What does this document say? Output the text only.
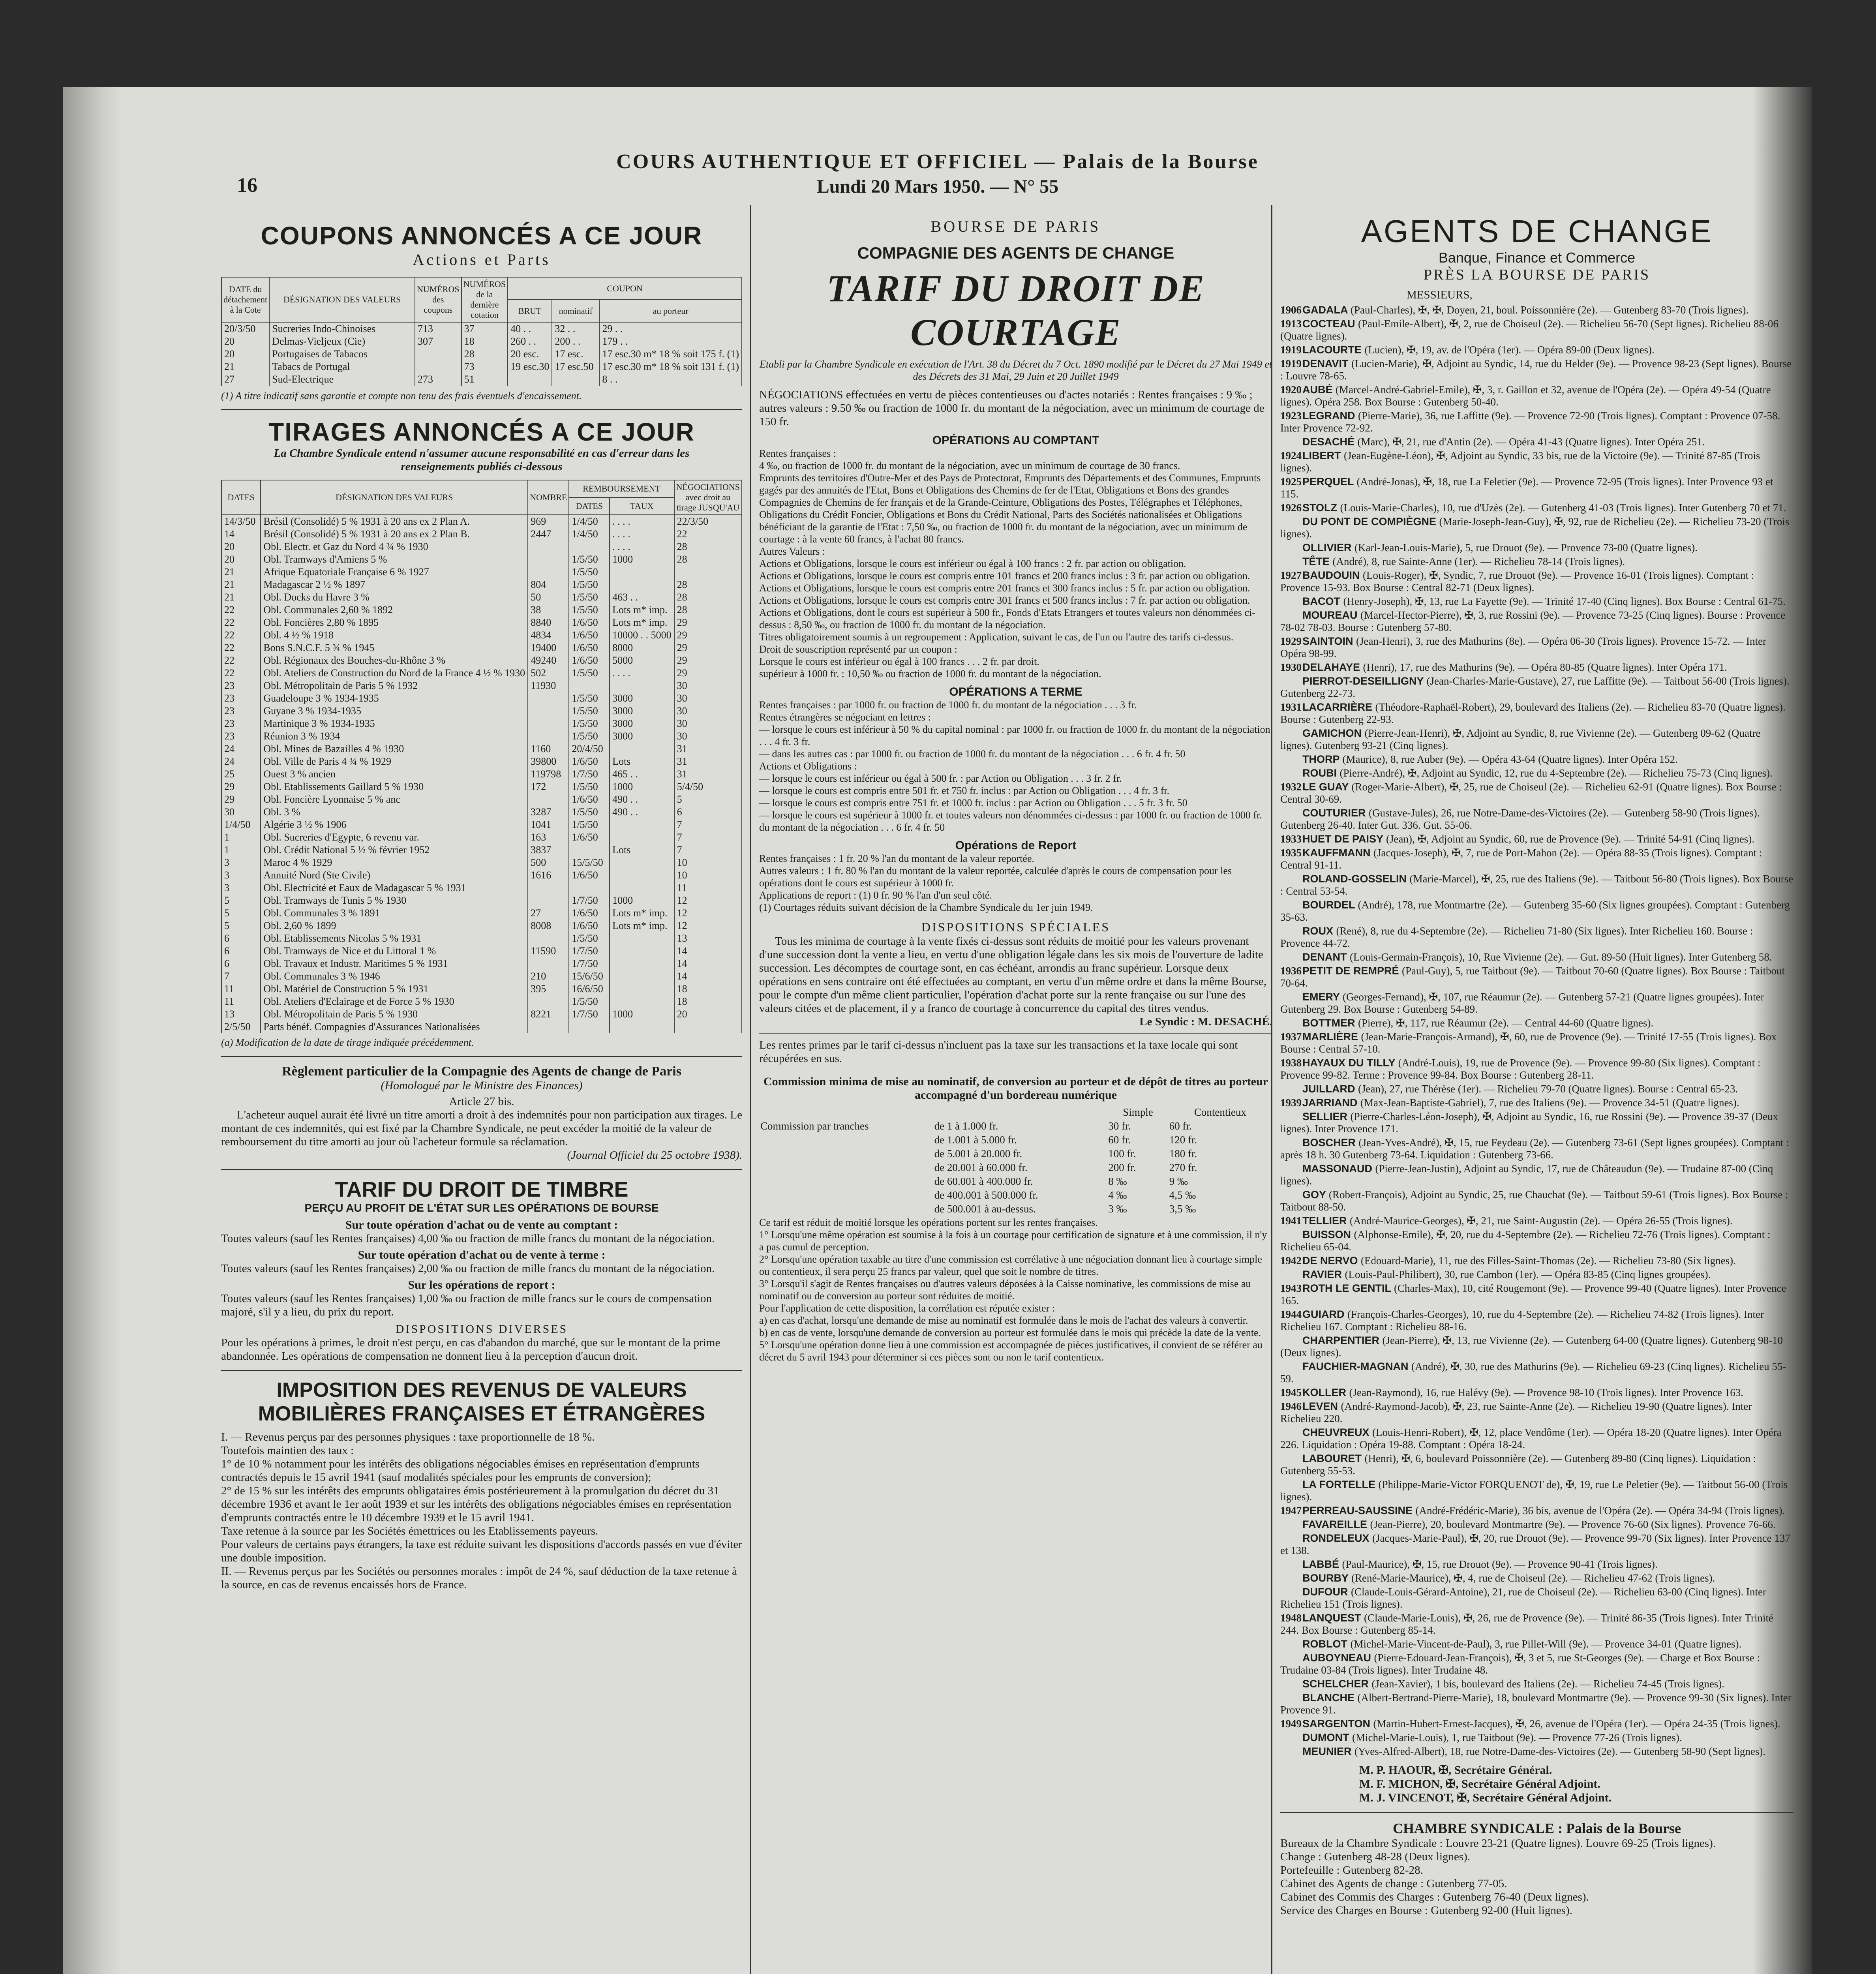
16
COURS AUTHENTIQUE ET OFFICIEL — Palais de la Bourse
Lundi 20 Mars 1950. — N° 55
COUPONS ANNONCÉS A CE JOUR
Actions et Parts
DATE du détachement à la Cote	DÉSIGNATION DES VALEURS	NUMÉROS des coupons	NUMÉROS de la dernière cotation	COUPON		
				BRUT	nominatif	au porteur
20/3/50	Sucreries Indo-Chinoises	713	37	40 . .	32 . .	29 . .
20	Delmas-Vieljeux (Cie)	307	18	260 . .	200 . .	179 . .
20	Portugaises de Tabacos		28	20 esc.	17 esc.	17 esc.30 m* 18 % soit 175 f. (1)
21	Tabacs de Portugal		73	19 esc.30	17 esc.50	17 esc.30 m* 18 % soit 131 f. (1)
27	Sud-Electrique	273	51			8 . .
(1) A titre indicatif sans garantie et compte non tenu des frais éventuels d'encaissement.
TIRAGES ANNONCÉS A CE JOUR
La Chambre Syndicale entend n'assumer aucune responsabilité en cas d'erreur dans les renseignements publiés ci-dessous
DATES	DÉSIGNATION DES VALEURS	NOMBRE	REMBOURSEMENT		NÉGOCIATIONS avec droit au tirage JUSQU'AU
			DATES	TAUX	
14/3/50	Brésil (Consolidé) 5 % 1931 à 20 ans ex 2 Plan A.	969	1/4/50	. . . .	22/3/50
14	Brésil (Consolidé) 5 % 1931 à 20 ans ex 2 Plan B.	2447	1/4/50	. . . .	22
20	Obl. Electr. et Gaz du Nord 4 ¾ % 1930			. . . .	28
20	Obl. Tramways d'Amiens 5 %		1/5/50	1000	28
21	Afrique Equatoriale Française 6 % 1927		1/5/50		
21	Madagascar 2 ½ % 1897	804	1/5/50		28
21	Obl. Docks du Havre 3 %	50	1/5/50	463 . .	28
22	Obl. Communales 2,60 % 1892	38	1/5/50	Lots m* imp.	28
22	Obl. Foncières 2,80 % 1895	8840	1/6/50	Lots m* imp.	29
22	Obl. 4 ½ % 1918	4834	1/6/50	10000 . . 5000	29
22	Bons S.N.C.F. 5 ¾ % 1945	19400	1/6/50	8000	29
22	Obl. Régionaux des Bouches-du-Rhône 3 %	49240	1/6/50	5000	29
22	Obl. Ateliers de Construction du Nord de la France 4 ½ % 1930	502	1/5/50	. . . .	29
23	Obl. Métropolitain de Paris 5 % 1932	11930			30
23	Guadeloupe 3 % 1934-1935		1/5/50	3000	30
23	Guyane 3 % 1934-1935		1/5/50	3000	30
23	Martinique 3 % 1934-1935		1/5/50	3000	30
23	Réunion 3 % 1934		1/5/50	3000	30
24	Obl. Mines de Bazailles 4 % 1930	1160	20/4/50		31
24	Obl. Ville de Paris 4 ¾ % 1929	39800	1/6/50	Lots	31
25	Ouest 3 % ancien	119798	1/7/50	465 . .	31
29	Obl. Etablissements Gaillard 5 % 1930	172	1/5/50	1000	5/4/50
29	Obl. Foncière Lyonnaise 5 % anc		1/6/50	490 . .	5
30	Obl. 3 %	3287	1/5/50	490 . .	6
1/4/50	Algérie 3 ½ % 1906	1041	1/5/50		7
1	Obl. Sucreries d'Egypte, 6 revenu var.	163	1/6/50		7
1	Obl. Crédit National 5 ½ % février 1952	3837		Lots	7
3	Maroc 4 % 1929	500	15/5/50		10
3	Annuité Nord (Ste Civile)	1616	1/6/50		10
3	Obl. Electricité et Eaux de Madagascar 5 % 1931				11
5	Obl. Tramways de Tunis 5 % 1930		1/7/50	1000	12
5	Obl. Communales 3 % 1891	27	1/6/50	Lots m* imp.	12
5	Obl. 2,60 % 1899	8008	1/6/50	Lots m* imp.	12
6	Obl. Etablissements Nicolas 5 % 1931		1/5/50		13
6	Obl. Tramways de Nice et du Littoral 1 %	11590	1/7/50		14
6	Obl. Travaux et Industr. Maritimes 5 % 1931		1/7/50		14
7	Obl. Communales 3 % 1946	210	15/6/50		14
11	Obl. Matériel de Construction 5 % 1931	395	16/6/50		18
11	Obl. Ateliers d'Eclairage et de Force 5 % 1930		1/5/50		18
13	Obl. Métropolitain de Paris 5 % 1930	8221	1/7/50	1000	20
2/5/50	Parts bénéf. Compagnies d'Assurances Nationalisées				
(a) Modification de la date de tirage indiquée précédemment.
Règlement particulier de la Compagnie des Agents de change de Paris
(Homologué par le Ministre des Finances)
Article 27 bis.
L'acheteur auquel aurait été livré un titre amorti a droit à des indemnités pour non participation aux tirages. Le montant de ces indemnités, qui est fixé par la Chambre Syndicale, ne peut excéder la moitié de la valeur de remboursement du titre amorti au jour où l'acheteur formule sa réclamation.
(Journal Officiel du 25 octobre 1938).
TARIF DU DROIT DE TIMBRE
PERÇU AU PROFIT DE L'ÉTAT SUR LES OPÉRATIONS DE BOURSE
Sur toute opération d'achat ou de vente au comptant :
Toutes valeurs (sauf les Rentes françaises) 4,00 ‰ ou fraction de mille francs du montant de la négociation.
Sur toute opération d'achat ou de vente à terme :
Toutes valeurs (sauf les Rentes françaises) 2,00 ‰ ou fraction de mille francs du montant de la négociation.
Sur les opérations de report :
Toutes valeurs (sauf les Rentes françaises) 1,00 ‰ ou fraction de mille francs sur le cours de compensation majoré, s'il y a lieu, du prix du report.
DISPOSITIONS DIVERSES
Pour les opérations à primes, le droit n'est perçu, en cas d'abandon du marché, que sur le montant de la prime abandonnée. Les opérations de compensation ne donnent lieu à la perception d'aucun droit.
IMPOSITION DES REVENUS DE VALEURS MOBILIÈRES FRANÇAISES ET ÉTRANGÈRES
I. — Revenus perçus par des personnes physiques : taxe proportionnelle de 18 %.
Toutefois maintien des taux :
1° de 10 % notamment pour les intérêts des obligations négociables émises en représentation d'emprunts contractés depuis le 15 avril 1941 (sauf modalités spéciales pour les emprunts de conversion);
2° de 15 % sur les intérêts des emprunts obligataires émis postérieurement à la promulgation du décret du 31 décembre 1936 et avant le 1er août 1939 et sur les intérêts des obligations négociables émises en représentation d'emprunts contractés entre le 10 décembre 1939 et le 15 avril 1941.
Taxe retenue à la source par les Sociétés émettrices ou les Etablissements payeurs.
Pour valeurs de certains pays étrangers, la taxe est réduite suivant les dispositions d'accords passés en vue d'éviter une double imposition.
II. — Revenus perçus par les Sociétés ou personnes morales : impôt de 24 %, sauf déduction de la taxe retenue à la source, en cas de revenus encaissés hors de France.
BOURSE DE PARIS
COMPAGNIE DES AGENTS DE CHANGE
TARIF DU DROIT DE COURTAGE
Etabli par la Chambre Syndicale en exécution de l'Art. 38 du Décret du 7 Oct. 1890 modifié par le Décret du 27 Mai 1949 et des Décrets des 31 Mai, 29 Juin et 20 Juillet 1949
NÉGOCIATIONS effectuées en vertu de pièces contentieuses ou d'actes notariés : Rentes françaises : 9 ‰ ; autres valeurs : 9.50 ‰ ou fraction de 1000 fr. du montant de la négociation, avec un minimum de courtage de 150 fr.
OPÉRATIONS AU COMPTANT
Rentes françaises :
4 ‰, ou fraction de 1000 fr. du montant de la négociation, avec un minimum de courtage de 30 francs.
Emprunts des territoires d'Outre-Mer et des Pays de Protectorat, Emprunts des Départements et des Communes, Emprunts gagés par des annuités de l'Etat, Bons et Obligations des Chemins de fer de l'Etat, Obligations et Bons des grandes Compagnies de Chemins de fer français et de la Grande-Ceinture, Obligations des Postes, Télégraphes et Téléphones, Obligations du Crédit Foncier, Obligations et Bons du Crédit National, Parts des Sociétés nationalisées et Obligations bénéficiant de la garantie de l'Etat : 7,50 ‰, ou fraction de 1000 fr. du montant de la négociation, avec un minimum de courtage : à la vente 60 francs, à l'achat 80 francs.
Autres Valeurs :
Actions et Obligations, lorsque le cours est inférieur ou égal à 100 francs : 2 fr. par action ou obligation.
Actions et Obligations, lorsque le cours est compris entre 101 francs et 200 francs inclus : 3 fr. par action ou obligation.
Actions et Obligations, lorsque le cours est compris entre 201 francs et 300 francs inclus : 5 fr. par action ou obligation.
Actions et Obligations, lorsque le cours est compris entre 301 francs et 500 francs inclus : 7 fr. par action ou obligation.
Actions et Obligations, dont le cours est supérieur à 500 fr., Fonds d'Etats Etrangers et toutes valeurs non dénommées ci-dessus : 8,50 ‰, ou fraction de 1000 fr. du montant de la négociation.
Titres obligatoirement soumis à un regroupement : Application, suivant le cas, de l'un ou l'autre des tarifs ci-dessus.
Droit de souscription représenté par un coupon :
Lorsque le cours est inférieur ou égal à 100 francs . . . 2 fr. par droit.
supérieur à 1000 fr. : 10,50 ‰ ou fraction de 1000 fr. du montant de la négociation.
OPÉRATIONS A TERME
Rentes françaises : par 1000 fr. ou fraction de 1000 fr. du montant de la négociation . . . 3 fr.
Rentes étrangères se négociant en lettres :
— lorsque le cours est inférieur à 50 % du capital nominal : par 1000 fr. ou fraction de 1000 fr. du montant de la négociation . . . 4 fr. 3 fr.
— dans les autres cas : par 1000 fr. ou fraction de 1000 fr. du montant de la négociation . . . 6 fr. 4 fr. 50
Actions et Obligations :
— lorsque le cours est inférieur ou égal à 500 fr. : par Action ou Obligation . . . 3 fr. 2 fr.
— lorsque le cours est compris entre 501 fr. et 750 fr. inclus : par Action ou Obligation . . . 4 fr. 3 fr.
— lorsque le cours est compris entre 751 fr. et 1000 fr. inclus : par Action ou Obligation . . . 5 fr. 3 fr. 50
— lorsque le cours est supérieur à 1000 fr. et toutes valeurs non dénommées ci-dessus : par 1000 fr. ou fraction de 1000 fr. du montant de la négociation . . . 6 fr. 4 fr. 50
Opérations de Report
Rentes françaises : 1 fr. 20 % l'an du montant de la valeur reportée.
Autres valeurs : 1 fr. 80 % l'an du montant de la valeur reportée, calculée d'après le cours de compensation pour les opérations dont le cours est supérieur à 1000 fr.
Applications de report : (1) 0 fr. 90 % l'an d'un seul côté.
(1) Courtages réduits suivant décision de la Chambre Syndicale du 1er juin 1949.
DISPOSITIONS SPÉCIALES
Tous les minima de courtage à la vente fixés ci-dessus sont réduits de moitié pour les valeurs provenant d'une succession dont la vente a lieu, en vertu d'une obligation légale dans les six mois de l'ouverture de ladite succession. Les décomptes de courtage sont, en cas échéant, arrondis au franc supérieur. Lorsque deux opérations en sens contraire ont été effectuées au comptant, en vertu d'un même ordre et dans la même Bourse, pour le compte d'un même client particulier, l'opération d'achat porte sur la rente française ou sur l'une des valeurs citées et de placement, il y a franco de courtage à concurrence du capital des titres vendus.
Le Syndic : M. DESACHÉ.
Les rentes primes par le tarif ci-dessus n'incluent pas la taxe sur les transactions et la taxe locale qui sont récupérées en sus.
Commission minima de mise au nominatif, de conversion au porteur et de dépôt de titres au porteur accompagné d'un bordereau numérique
		Simple	Contentieux
Commission par tranches	de 1 à 1.000 fr.	30 fr.	60 fr.
	de 1.001 à 5.000 fr.	60 fr.	120 fr.
	de 5.001 à 20.000 fr.	100 fr.	180 fr.
	de 20.001 à 60.000 fr.	200 fr.	270 fr.
	de 60.001 à 400.000 fr.	8 ‰	9 ‰
	de 400.001 à 500.000 fr.	4 ‰	4,5 ‰
	de 500.001 à au-dessus.	3 ‰	3,5 ‰
Ce tarif est réduit de moitié lorsque les opérations portent sur les rentes françaises.
1° Lorsqu'une même opération est soumise à la fois à un courtage pour certification de signature et à une commission, il n'y a pas cumul de perception.
2° Lorsqu'une opération taxable au titre d'une commission est corrélative à une négociation donnant lieu à courtage simple ou contentieux, il sera perçu 25 francs par valeur, quel que soit le nombre de titres.
3° Lorsqu'il s'agit de Rentes françaises ou d'autres valeurs déposées à la Caisse nominative, les commissions de mise au nominatif ou de conversion au porteur sont réduites de moitié.
Pour l'application de cette disposition, la corrélation est réputée exister :
a) en cas d'achat, lorsqu'une demande de mise au nominatif est formulée dans le mois de l'achat des valeurs à convertir.
b) en cas de vente, lorsqu'une demande de conversion au porteur est formulée dans le mois qui précède la date de la vente.
5° Lorsqu'une opération donne lieu à une commission est accompagnée de pièces justificatives, il convient de se référer au décret du 5 avril 1943 pour déterminer si ces pièces sont ou non le tarif contentieux.
AGENTS DE CHANGE
Banque, Finance et Commerce
PRÈS LA BOURSE DE PARIS
MESSIEURS,
1906GADALA (Paul-Charles), ✠, ✠, Doyen, 21, boul. Poissonnière (2e). — Gutenberg 83-70 (Trois lignes).
1913COCTEAU (Paul-Emile-Albert), ✠, 2, rue de Choiseul (2e). — Richelieu 56-70 (Sept lignes). Richelieu 88-06 (Quatre lignes).
1919LACOURTE (Lucien), ✠, 19, av. de l'Opéra (1er). — Opéra 89-00 (Deux lignes).
1919DENAVIT (Lucien-Marie), ✠, Adjoint au Syndic, 14, rue du Helder (9e). — Provence 98-23 (Sept lignes). Bourse : Louvre 78-65.
1920AUBÉ (Marcel-André-Gabriel-Emile), ✠, 3, r. Gaillon et 32, avenue de l'Opéra (2e). — Opéra 49-54 (Quatre lignes). Opéra 258. Box Bourse : Gutenberg 50-40.
1923LEGRAND (Pierre-Marie), 36, rue Laffitte (9e). — Provence 72-90 (Trois lignes). Comptant : Provence 07-58. Inter Provence 72-92.
DESACHÉ (Marc), ✠, 21, rue d'Antin (2e). — Opéra 41-43 (Quatre lignes). Inter Opéra 251.
1924LIBERT (Jean-Eugène-Léon), ✠, Adjoint au Syndic, 33 bis, rue de la Victoire (9e). — Trinité 87-85 (Trois lignes).
1925PERQUEL (André-Jonas), ✠, 18, rue La Feletier (9e). — Provence 72-95 (Trois lignes). Inter Provence 93 et 115.
1926STOLZ (Louis-Marie-Charles), 10, rue d'Uzès (2e). — Gutenberg 41-03 (Trois lignes). Inter Gutenberg 70 et 71.
DU PONT DE COMPIÈGNE (Marie-Joseph-Jean-Guy), ✠, 92, rue de Richelieu (2e). — Richelieu 73-20 (Trois lignes).
OLLIVIER (Karl-Jean-Louis-Marie), 5, rue Drouot (9e). — Provence 73-00 (Quatre lignes).
TÊTE (André), 8, rue Sainte-Anne (1er). — Richelieu 78-14 (Trois lignes).
1927BAUDOUIN (Louis-Roger), ✠, Syndic, 7, rue Drouot (9e). — Provence 16-01 (Trois lignes). Comptant : Provence 15-93. Box Bourse : Central 82-71 (Deux lignes).
BACOT (Henry-Joseph), ✠, 13, rue La Fayette (9e). — Trinité 17-40 (Cinq lignes). Box Bourse : Central 61-75.
MOUREAU (Marcel-Hector-Pierre), ✠, 3, rue Rossini (9e). — Provence 73-25 (Cinq lignes). Bourse : Provence 78-02 78-03. Bourse : Gutenberg 57-80.
1929SAINTOIN (Jean-Henri), 3, rue des Mathurins (8e). — Opéra 06-30 (Trois lignes). Provence 15-72. — Inter Opéra 98-99.
1930DELAHAYE (Henri), 17, rue des Mathurins (9e). — Opéra 80-85 (Quatre lignes). Inter Opéra 171.
PIERROT-DESEILLIGNY (Jean-Charles-Marie-Gustave), 27, rue Laffitte (9e). — Taitbout 56-00 (Trois lignes). Gutenberg 22-73.
1931LACARRIÈRE (Théodore-Raphaël-Robert), 29, boulevard des Italiens (2e). — Richelieu 83-70 (Quatre lignes). Bourse : Gutenberg 22-93.
GAMICHON (Pierre-Jean-Henri), ✠, Adjoint au Syndic, 8, rue Vivienne (2e). — Gutenberg 09-62 (Quatre lignes). Gutenberg 93-21 (Cinq lignes).
THORP (Maurice), 8, rue Auber (9e). — Opéra 43-64 (Quatre lignes). Inter Opéra 152.
ROUBI (Pierre-André), ✠, Adjoint au Syndic, 12, rue du 4-Septembre (2e). — Richelieu 75-73 (Cinq lignes).
1932LE GUAY (Roger-Marie-Albert), ✠, 25, rue de Choiseul (2e). — Richelieu 62-91 (Quatre lignes). Box Bourse : Central 30-69.
COUTURIER (Gustave-Jules), 26, rue Notre-Dame-des-Victoires (2e). — Gutenberg 58-90 (Trois lignes). Gutenberg 26-40. Inter Gut. 336. Gut. 55-06.
1933HUET DE PAISY (Jean), ✠, Adjoint au Syndic, 60, rue de Provence (9e). — Trinité 54-91 (Cinq lignes).
1935KAUFFMANN (Jacques-Joseph), ✠, 7, rue de Port-Mahon (2e). — Opéra 88-35 (Trois lignes). Comptant : Central 91-11.
ROLAND-GOSSELIN (Marie-Marcel), ✠, 25, rue des Italiens (9e). — Taitbout 56-80 (Trois lignes). Box Bourse : Central 53-54.
BOURDEL (André), 178, rue Montmartre (2e). — Gutenberg 35-60 (Six lignes groupées). Comptant : Gutenberg 35-63.
ROUX (René), 8, rue du 4-Septembre (2e). — Richelieu 71-80 (Six lignes). Inter Richelieu 160. Bourse : Provence 44-72.
DENANT (Louis-Germain-François), 10, Rue Vivienne (2e). — Gut. 89-50 (Huit lignes). Inter Gutenberg 58.
1936PETIT DE REMPRÉ (Paul-Guy), 5, rue Taitbout (9e). — Taitbout 70-60 (Quatre lignes). Box Bourse : Taitbout 70-64.
EMERY (Georges-Fernand), ✠, 107, rue Réaumur (2e). — Gutenberg 57-21 (Quatre lignes groupées). Inter Gutenberg 29. Box Bourse : Gutenberg 54-89.
BOTTMER (Pierre), ✠, 117, rue Réaumur (2e). — Central 44-60 (Quatre lignes).
1937MARLIÈRE (Jean-Marie-François-Armand), ✠, 60, rue de Provence (9e). — Trinité 17-55 (Trois lignes). Box Bourse : Central 57-10.
1938HAYAUX DU TILLY (André-Louis), 19, rue de Provence (9e). — Provence 99-80 (Six lignes). Comptant : Provence 99-82. Terme : Provence 99-84. Box Bourse : Gutenberg 28-11.
JUILLARD (Jean), 27, rue Thérèse (1er). — Richelieu 79-70 (Quatre lignes). Bourse : Central 65-23.
1939JARRIAND (Max-Jean-Baptiste-Gabriel), 7, rue des Italiens (9e). — Provence 34-51 (Quatre lignes).
SELLIER (Pierre-Charles-Léon-Joseph), ✠, Adjoint au Syndic, 16, rue Rossini (9e). — Provence 39-37 (Deux lignes). Inter Provence 171.
BOSCHER (Jean-Yves-André), ✠, 15, rue Feydeau (2e). — Gutenberg 73-61 (Sept lignes groupées). Comptant : après 18 h. 30 Gutenberg 73-64. Liquidation : Gutenberg 73-66.
MASSONAUD (Pierre-Jean-Justin), Adjoint au Syndic, 17, rue de Châteaudun (9e). — Trudaine 87-00 (Cinq lignes).
GOY (Robert-François), Adjoint au Syndic, 25, rue Chauchat (9e). — Taitbout 59-61 (Trois lignes). Box Bourse : Taitbout 88-50.
1941TELLIER (André-Maurice-Georges), ✠, 21, rue Saint-Augustin (2e). — Opéra 26-55 (Trois lignes).
BUISSON (Alphonse-Emile), ✠, 20, rue du 4-Septembre (2e). — Richelieu 72-76 (Trois lignes). Comptant : Richelieu 65-04.
1942DE NERVO (Edouard-Marie), 11, rue des Filles-Saint-Thomas (2e). — Richelieu 73-80 (Six lignes).
RAVIER (Louis-Paul-Philibert), 30, rue Cambon (1er). — Opéra 83-85 (Cinq lignes groupées).
1943ROTH LE GENTIL (Charles-Max), 10, cité Rougemont (9e). — Provence 99-40 (Quatre lignes). Inter Provence 165.
1944GUIARD (François-Charles-Georges), 10, rue du 4-Septembre (2e). — Richelieu 74-82 (Trois lignes). Inter Richelieu 167. Comptant : Richelieu 88-16.
CHARPENTIER (Jean-Pierre), ✠, 13, rue Vivienne (2e). — Gutenberg 64-00 (Quatre lignes). Gutenberg 98-10 (Deux lignes).
FAUCHIER-MAGNAN (André), ✠, 30, rue des Mathurins (9e). — Richelieu 69-23 (Cinq lignes). Richelieu 55-59.
1945KOLLER (Jean-Raymond), 16, rue Halévy (9e). — Provence 98-10 (Trois lignes). Inter Provence 163.
1946LEVEN (André-Raymond-Jacob), ✠, 23, rue Sainte-Anne (2e). — Richelieu 19-90 (Quatre lignes). Inter Richelieu 220.
CHEUVREUX (Louis-Henri-Robert), ✠, 12, place Vendôme (1er). — Opéra 18-20 (Quatre lignes). Inter Opéra 226. Liquidation : Opéra 19-88. Comptant : Opéra 18-24.
LABOURET (Henri), ✠, 6, boulevard Poissonnière (2e). — Gutenberg 89-80 (Cinq lignes). Liquidation : Gutenberg 55-53.
LA FORTELLE (Philippe-Marie-Victor FORQUENOT de), ✠, 19, rue Le Peletier (9e). — Taitbout 56-00 (Trois lignes).
1947PERREAU-SAUSSINE (André-Frédéric-Marie), 36 bis, avenue de l'Opéra (2e). — Opéra 34-94 (Trois lignes).
FAVAREILLE (Jean-Pierre), 20, boulevard Montmartre (9e). — Provence 76-60 (Six lignes). Provence 76-66.
RONDELEUX (Jacques-Marie-Paul), ✠, 20, rue Drouot (9e). — Provence 99-70 (Six lignes). Inter Provence 137 et 138.
LABBÉ (Paul-Maurice), ✠, 15, rue Drouot (9e). — Provence 90-41 (Trois lignes).
BOURBY (René-Marie-Maurice), ✠, 4, rue de Choiseul (2e). — Richelieu 47-62 (Trois lignes).
DUFOUR (Claude-Louis-Gérard-Antoine), 21, rue de Choiseul (2e). — Richelieu 63-00 (Cinq lignes). Inter Richelieu 151 (Trois lignes).
1948LANQUEST (Claude-Marie-Louis), ✠, 26, rue de Provence (9e). — Trinité 86-35 (Trois lignes). Inter Trinité 244. Box Bourse : Gutenberg 85-14.
ROBLOT (Michel-Marie-Vincent-de-Paul), 3, rue Pillet-Will (9e). — Provence 34-01 (Quatre lignes).
AUBOYNEAU (Pierre-Edouard-Jean-François), ✠, 3 et 5, rue St-Georges (9e). — Charge et Box Bourse : Trudaine 03-84 (Trois lignes). Inter Trudaine 48.
SCHELCHER (Jean-Xavier), 1 bis, boulevard des Italiens (2e). — Richelieu 74-45 (Trois lignes).
BLANCHE (Albert-Bertrand-Pierre-Marie), 18, boulevard Montmartre (9e). — Provence 99-30 (Six lignes). Inter Provence 91.
1949SARGENTON (Martin-Hubert-Ernest-Jacques), ✠, 26, avenue de l'Opéra (1er). — Opéra 24-35 (Trois lignes).
DUMONT (Michel-Marie-Louis), 1, rue Taitbout (9e). — Provence 77-26 (Trois lignes).
MEUNIER (Yves-Alfred-Albert), 18, rue Notre-Dame-des-Victoires (2e). — Gutenberg 58-90 (Sept lignes).
M. P. HAOUR, ✠, Secrétaire Général.
M. F. MICHON, ✠, Secrétaire Général Adjoint.
M. J. VINCENOT, ✠, Secrétaire Général Adjoint.
CHAMBRE SYNDICALE : Palais de la Bourse
Bureaux de la Chambre Syndicale : Louvre 23-21 (Quatre lignes). Louvre 69-25 (Trois lignes).
Change : Gutenberg 48-28 (Deux lignes).
Portefeuille : Gutenberg 82-28.
Cabinet des Agents de change : Gutenberg 77-05.
Cabinet des Commis des Charges : Gutenberg 76-40 (Deux lignes).
Service des Charges en Bourse : Gutenberg 92-00 (Huit lignes).
